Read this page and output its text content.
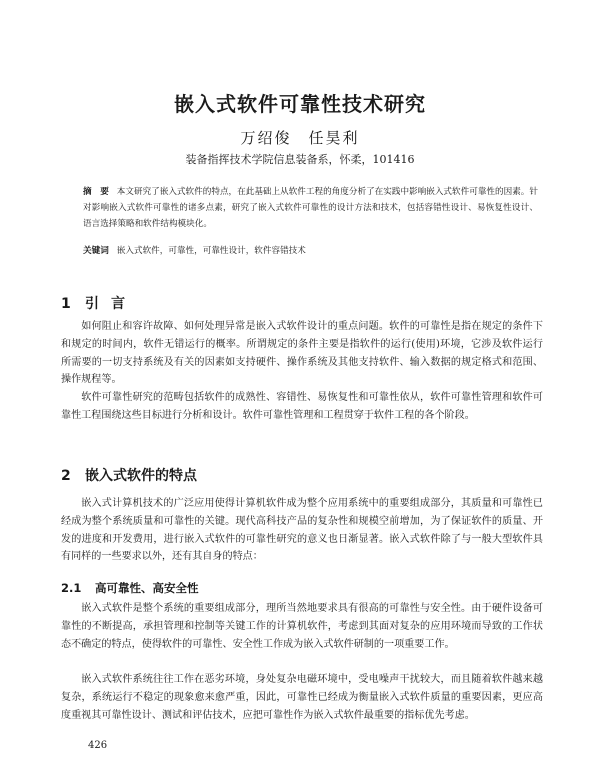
嵌入式软件可靠性技术研究
万绍俊　任昊利
装备指挥技术学院信息装备系，怀柔，101416
摘　要 本文研究了嵌入式软件的特点，在此基础上从软件工程的角度分析了在实践中影响嵌入式软件可靠性的因素。针对影响嵌入式软件可靠性的诸多点素，研究了嵌入式软件可靠性的设计方法和技术，包括容错性设计、易恢复性设计、语言选择策略和软件结构模块化。
关键词 嵌入式软件，可靠性，可靠性设计，软件容错技术
1 引言

如何阻止和容许故障、如何处理异常是嵌入式软件设计的重点问题。软件的可靠性是指在规定的条件下和规定的时间内，软件无错运行的概率。所谓规定的条件主要是指软件的运行(使用)环境，它涉及软件运行所需要的一切支持系统及有关的因素如支持硬件、操作系统及其他支持软件、输入数据的规定格式和范围、操作规程等。

软件可靠性研究的范畴包括软件的成熟性、容错性、易恢复性和可靠性依从，软件可靠性管理和软件可靠性工程围绕这些目标进行分析和设计。软件可靠性管理和工程贯穿于软件工程的各个阶段。

2 嵌入式软件的特点

嵌入式计算机技术的广泛应用使得计算机软件成为整个应用系统中的重要组成部分，其质量和可靠性已经成为整个系统质量和可靠性的关键。现代高科技产品的复杂性和规模空前增加，为了保证软件的质量、开发的进度和开发费用，进行嵌入式软件的可靠性研究的意义也日渐显著。嵌入式软件除了与一般大型软件具有同样的一些要求以外，还有其自身的特点：

2.1 高可靠性、高安全性

嵌入式软件是整个系统的重要组成部分，理所当然地要求具有很高的可靠性与安全性。由于硬件设备可靠性的不断提高，承担管理和控制等关键工作的计算机软件，考虑到其面对复杂的应用环境而导致的工作状态不确定的特点，使得软件的可靠性、安全性工作成为嵌入式软件研制的一项重要工作。

嵌入式软件系统往往工作在恶劣环境，身处复杂电磁环境中，受电噪声干扰较大，而且随着软件越来越复杂，系统运行不稳定的现象愈来愈严重，因此，可靠性已经成为衡量嵌入式软件质量的重要因素，更应高度重视其可靠性设计、测试和评估技术，应把可靠性作为嵌入式软件最重要的指标优先考虑。

426
